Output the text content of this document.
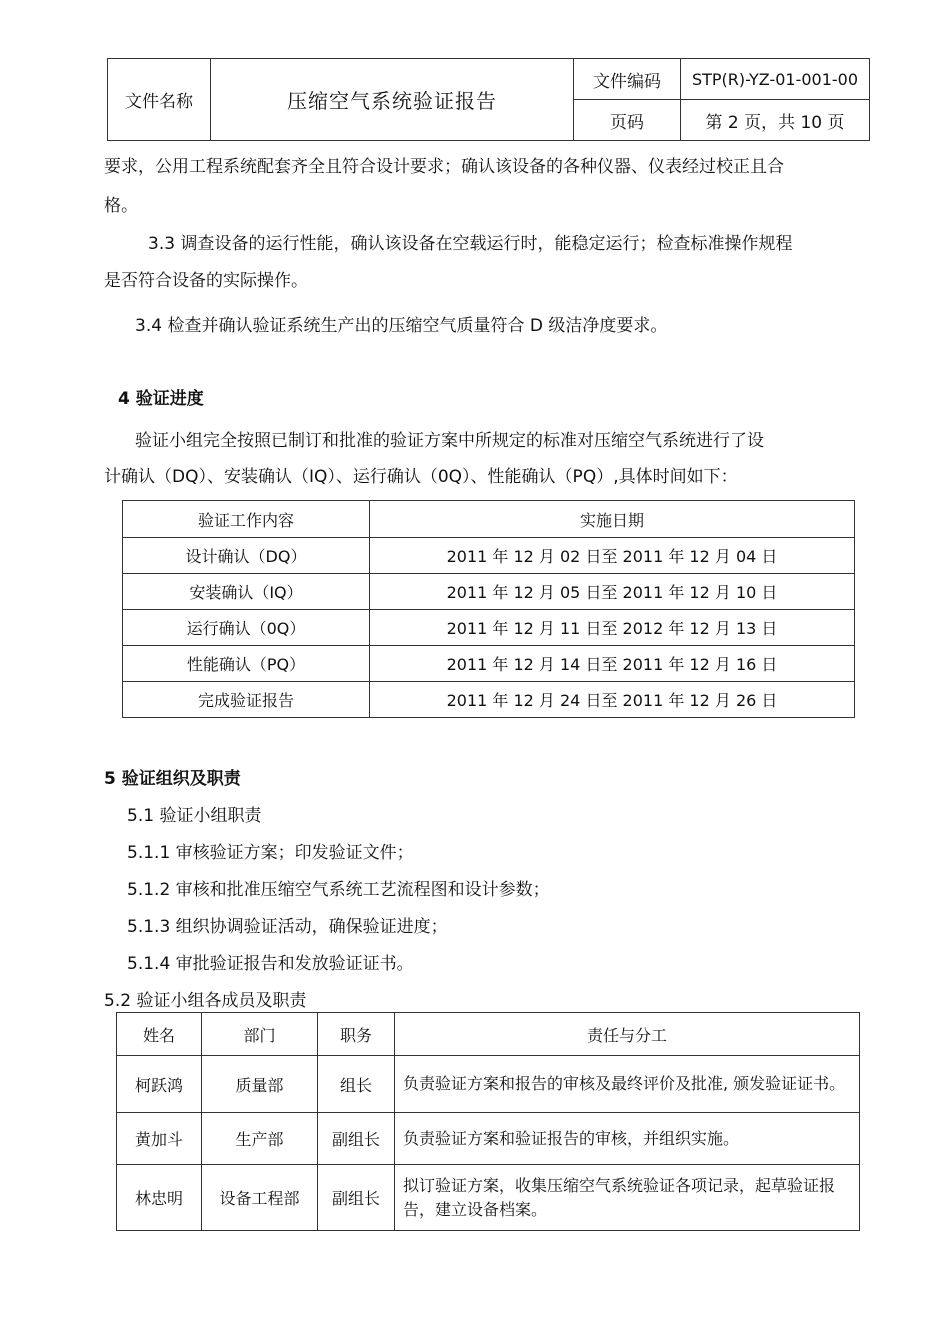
文件名称	压缩空气系统验证报告	文件编码	STP(R)-YZ-01-001-00
		页码	第 2 页，共 10 页
要求，公用工程系统配套齐全且符合设计要求；确认该设备的各种仪器、仪表经过校正且合
格。
3.3 调查设备的运行性能，确认该设备在空载运行时，能稳定运行；检查标准操作规程
是否符合设备的实际操作。
3.4 检查并确认验证系统生产出的压缩空气质量符合 D 级洁净度要求。
4 验证进度
验证小组完全按照已制订和批准的验证方案中所规定的标准对压缩空气系统进行了设
计确认（DQ）、安装确认（IQ）、运行确认（0Q）、性能确认（PQ）,具体时间如下：
验证工作内容	实施日期
设计确认（DQ）	2011 年 12 月 02 日至 2011 年 12 月 04 日
安装确认（IQ）	2011 年 12 月 05 日至 2011 年 12 月 10 日
运行确认（0Q）	2011 年 12 月 11 日至 2012 年 12 月 13 日
性能确认（PQ）	2011 年 12 月 14 日至 2011 年 12 月 16 日
完成验证报告	2011 年 12 月 24 日至 2011 年 12 月 26 日
5 验证组织及职责
5.1 验证小组职责
5.1.1 审核验证方案；印发验证文件；
5.1.2 审核和批准压缩空气系统工艺流程图和设计参数；
5.1.3 组织协调验证活动，确保验证进度；
5.1.4 审批验证报告和发放验证证书。
5.2 验证小组各成员及职责
姓名	部门	职务	责任与分工
柯跃鸿	质量部	组长	负责验证方案和报告的审核及最终评价及批准, 颁发验证证书。
黄加斗	生产部	副组长	负责验证方案和验证报告的审核，并组织实施。
林忠明	设备工程部	副组长	拟订验证方案，收集压缩空气系统验证各项记录，起草验证报告，建立设备档案。
